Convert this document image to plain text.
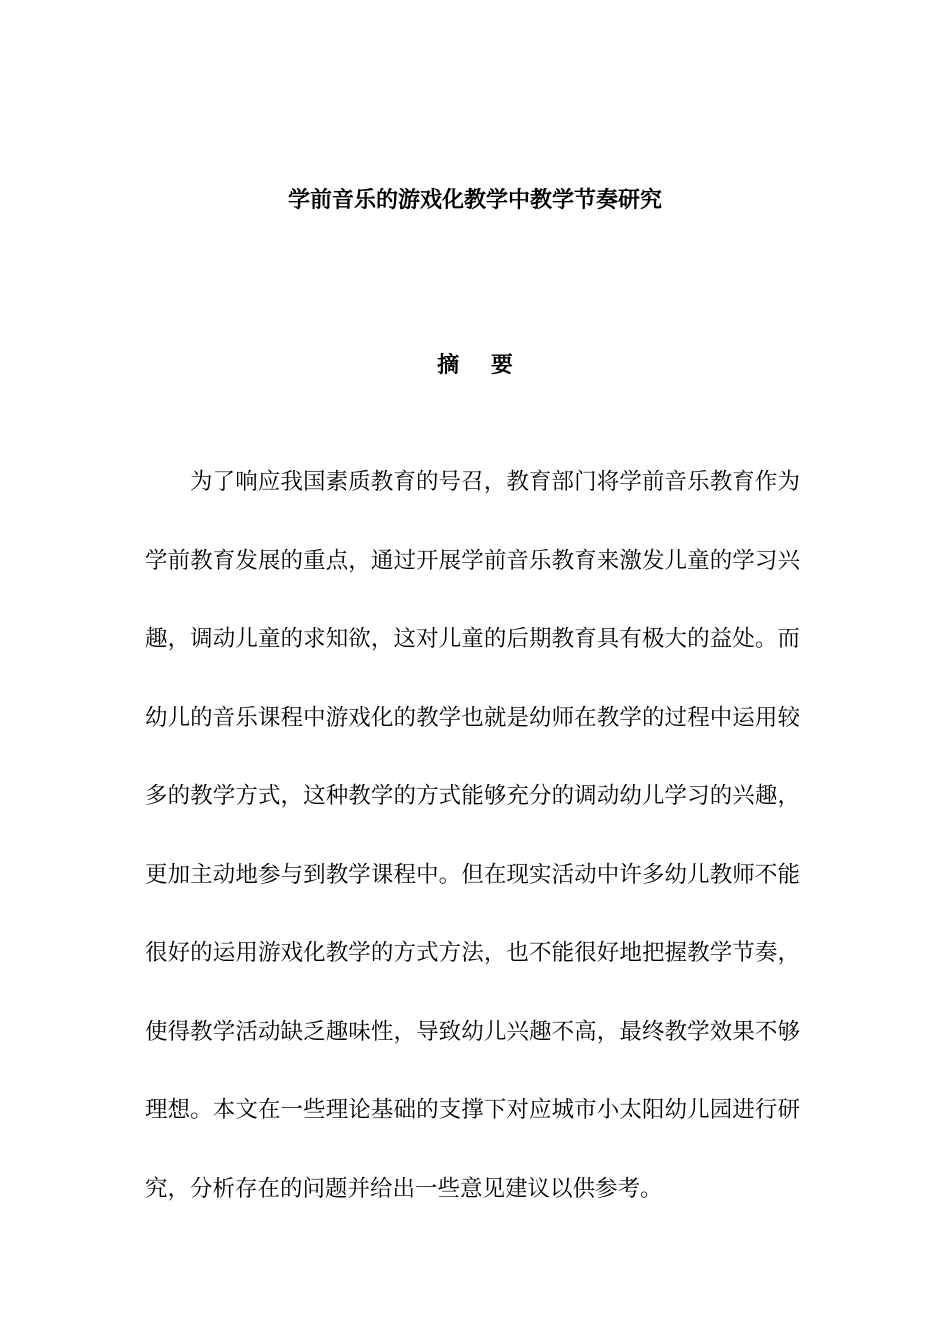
学前音乐的游戏化教学中教学节奏研究
摘 要
为了响应我国素质教育的号召，教育部门将学前音乐教育作为
学前教育发展的重点，通过开展学前音乐教育来激发儿童的学习兴
趣，调动儿童的求知欲，这对儿童的后期教育具有极大的益处。而
幼儿的音乐课程中游戏化的教学也就是幼师在教学的过程中运用较
多的教学方式，这种教学的方式能够充分的调动幼儿学习的兴趣，
更加主动地参与到教学课程中。但在现实活动中许多幼儿教师不能
很好的运用游戏化教学的方式方法，也不能很好地把握教学节奏，
使得教学活动缺乏趣味性，导致幼儿兴趣不高，最终教学效果不够
理想。本文在一些理论基础的支撑下对应城市小太阳幼儿园进行研
究，分析存在的问题并给出一些意见建议以供参考。
